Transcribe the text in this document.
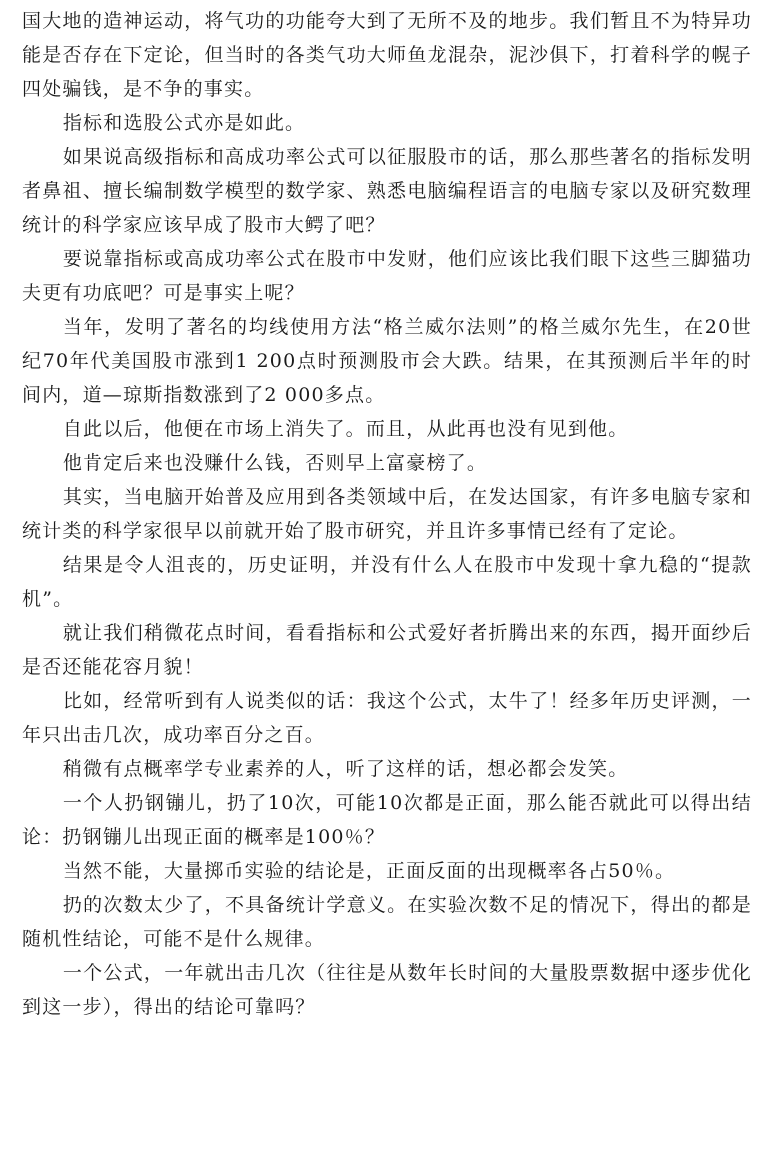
国大地的造神运动，将气功的功能夸大到了无所不及的地步。我们暂且不为特异功能是否存在下定论，但当时的各类气功大师鱼龙混杂，泥沙俱下，打着科学的幌子四处骗钱，是不争的事实。

指标和选股公式亦是如此。

如果说高级指标和高成功率公式可以征服股市的话，那么那些著名的指标发明者鼻祖、擅长编制数学模型的数学家、熟悉电脑编程语言的电脑专家以及研究数理统计的科学家应该早成了股市大鳄了吧？

要说靠指标或高成功率公式在股市中发财，他们应该比我们眼下这些三脚猫功夫更有功底吧？可是事实上呢？

当年，发明了著名的均线使用方法“格兰威尔法则”的格兰威尔先生，在20世纪70年代美国股市涨到1 200点时预测股市会大跌。结果，在其预测后半年的时间内，道—琼斯指数涨到了2 000多点。

自此以后，他便在市场上消失了。而且，从此再也没有见到他。

他肯定后来也没赚什么钱，否则早上富豪榜了。

其实，当电脑开始普及应用到各类领域中后，在发达国家，有许多电脑专家和统计类的科学家很早以前就开始了股市研究，并且许多事情已经有了定论。

结果是令人沮丧的，历史证明，并没有什么人在股市中发现十拿九稳的“提款机”。

就让我们稍微花点时间，看看指标和公式爱好者折腾出来的东西，揭开面纱后是否还能花容月貌！

比如，经常听到有人说类似的话：我这个公式，太牛了！经多年历史评测，一年只出击几次，成功率百分之百。

稍微有点概率学专业素养的人，听了这样的话，想必都会发笑。

一个人扔钢镚儿，扔了10次，可能10次都是正面，那么能否就此可以得出结论：扔钢镚儿出现正面的概率是100％？

当然不能，大量掷币实验的结论是，正面反面的出现概率各占50％。

扔的次数太少了，不具备统计学意义。在实验次数不足的情况下，得出的都是随机性结论，可能不是什么规律。

一个公式，一年就出击几次（往往是从数年长时间的大量股票数据中逐步优化到这一步），得出的结论可靠吗？
